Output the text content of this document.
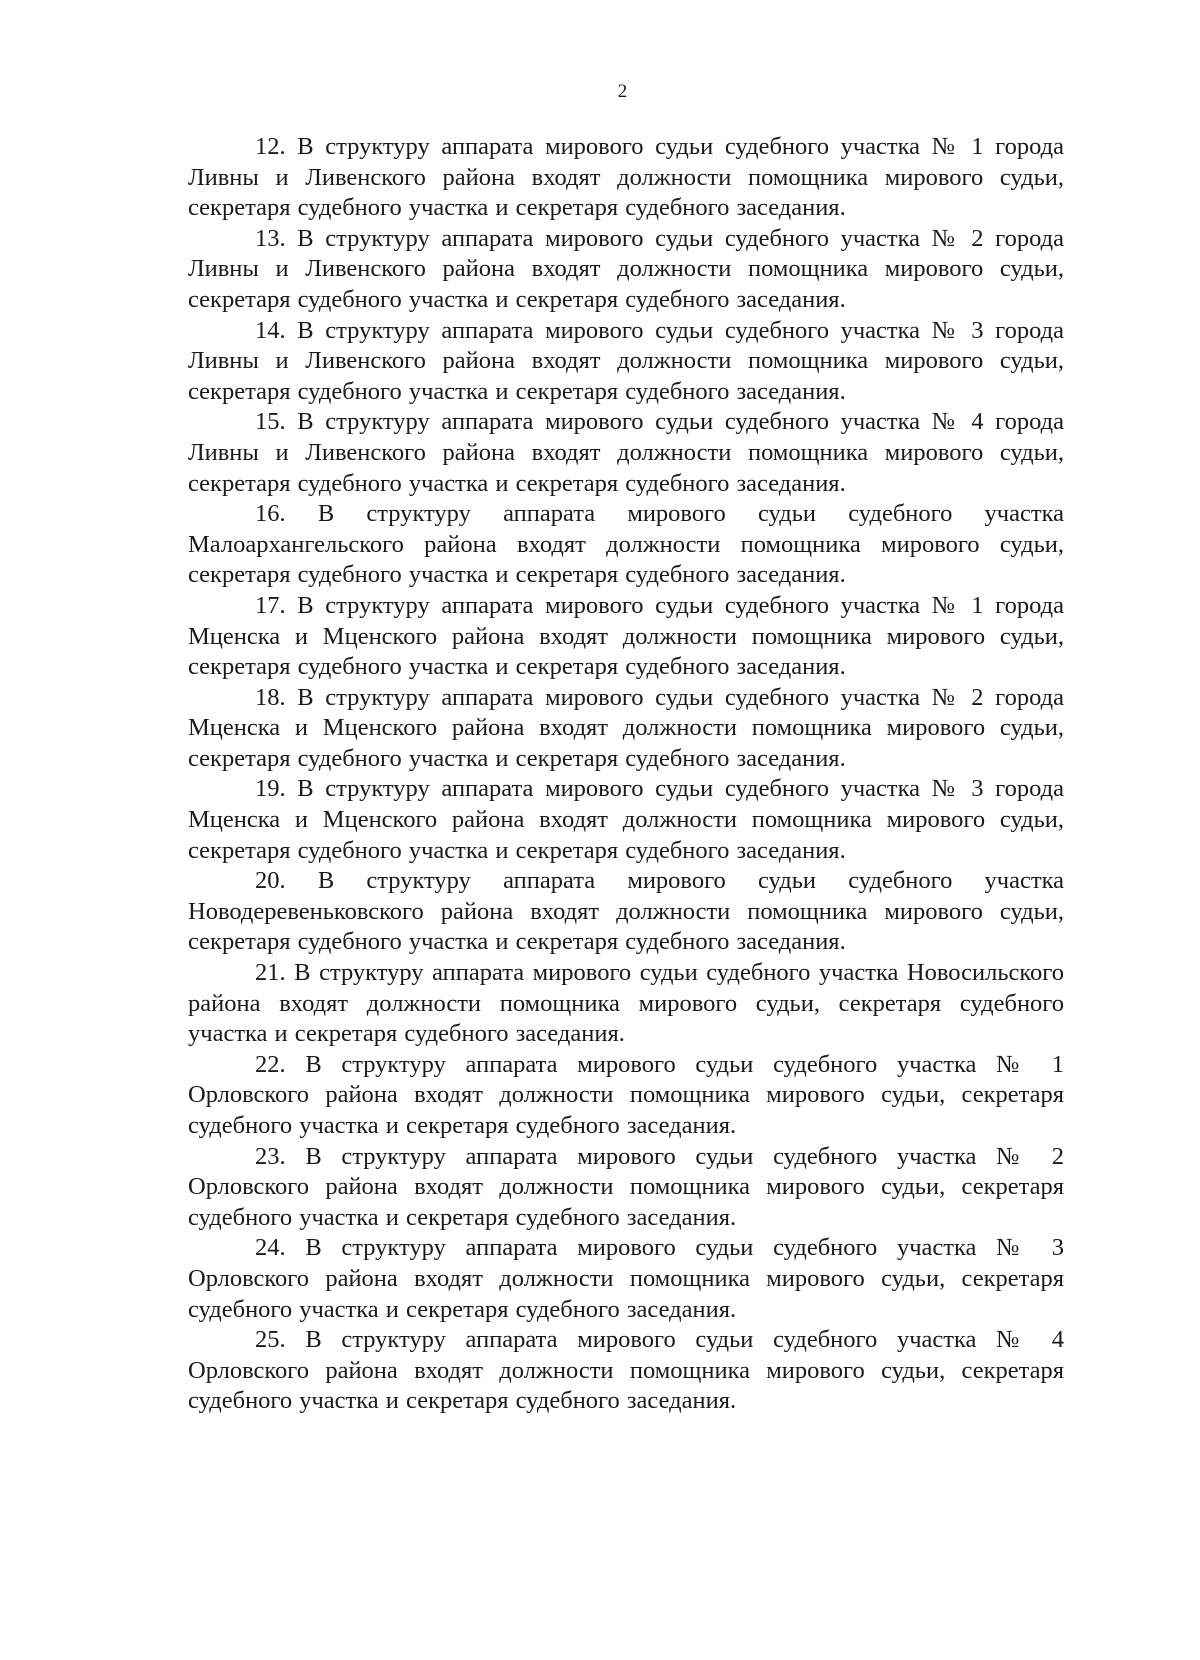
2

12. В структуру аппарата мирового судьи судебного участка № 1 города Ливны и Ливенского района входят должности помощника мирового судьи, секретаря судебного участка и секретаря судебного заседания.

13. В структуру аппарата мирового судьи судебного участка № 2 города Ливны и Ливенского района входят должности помощника мирового судьи, секретаря судебного участка и секретаря судебного заседания.

14. В структуру аппарата мирового судьи судебного участка № 3 города Ливны и Ливенского района входят должности помощника мирового судьи, секретаря судебного участка и секретаря судебного заседания.

15. В структуру аппарата мирового судьи судебного участка № 4 города Ливны и Ливенского района входят должности помощника мирового судьи, секретаря судебного участка и секретаря судебного заседания.

16. В структуру аппарата мирового судьи судебного участка Малоархангельского района входят должности помощника мирового судьи, секретаря судебного участка и секретаря судебного заседания.

17. В структуру аппарата мирового судьи судебного участка № 1 города Мценска и Мценского района входят должности помощника мирового судьи, секретаря судебного участка и секретаря судебного заседания.

18. В структуру аппарата мирового судьи судебного участка № 2 города Мценска и Мценского района входят должности помощника мирового судьи, секретаря судебного участка и секретаря судебного заседания.

19. В структуру аппарата мирового судьи судебного участка № 3 города Мценска и Мценского района входят должности помощника мирового судьи, секретаря судебного участка и секретаря судебного заседания.

20. В структуру аппарата мирового судьи судебного участка Новодеревеньковского района входят должности помощника мирового судьи, секретаря судебного участка и секретаря судебного заседания.

21. В структуру аппарата мирового судьи судебного участка Новосильского района входят должности помощника мирового судьи, секретаря судебного участка и секретаря судебного заседания.

22. В структуру аппарата мирового судьи судебного участка № 1 Орловского района входят должности помощника мирового судьи, секретаря судебного участка и секретаря судебного заседания.

23. В структуру аппарата мирового судьи судебного участка № 2 Орловского района входят должности помощника мирового судьи, секретаря судебного участка и секретаря судебного заседания.

24. В структуру аппарата мирового судьи судебного участка № 3 Орловского района входят должности помощника мирового судьи, секретаря судебного участка и секретаря судебного заседания.

25. В структуру аппарата мирового судьи судебного участка № 4 Орловского района входят должности помощника мирового судьи, секретаря судебного участка и секретаря судебного заседания.
